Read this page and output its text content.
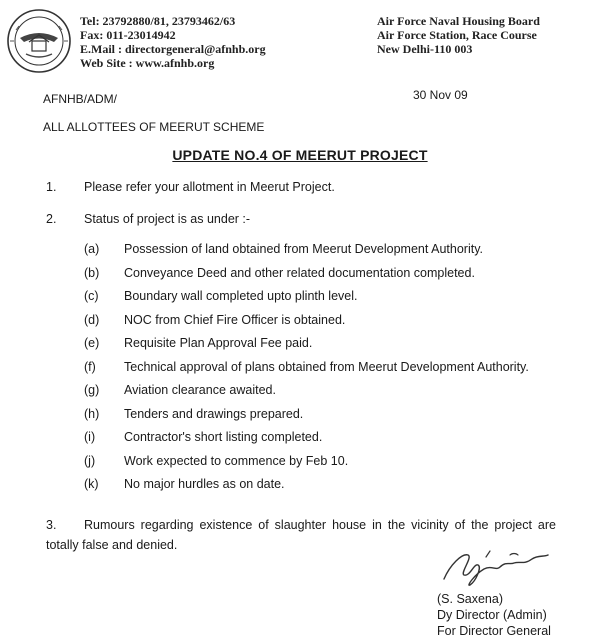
Tel: 23792880/81, 23793462/63
Fax: 011-23014942
E.Mail : directorgeneral@afnhb.org
Web Site : www.afnhb.org
Air Force Naval Housing Board
Air Force Station, Race Course
New Delhi-110 003
AFNHB/ADM/	30 Nov 09
ALL ALLOTTEES OF MEERUT SCHEME
UPDATE NO.4 OF MEERUT PROJECT
1. Please refer your allotment in Meerut Project.
2. Status of project is as under :-
(a) Possession of land obtained from Meerut Development Authority.
(b) Conveyance Deed and other related documentation completed.
(c) Boundary wall completed upto plinth level.
(d) NOC from Chief Fire Officer is obtained.
(e) Requisite Plan Approval Fee paid.
(f) Technical approval of plans obtained from Meerut Development Authority.
(g) Aviation clearance awaited.
(h) Tenders and drawings prepared.
(i) Contractor's short listing completed.
(j) Work expected to commence by Feb 10.
(k) No major hurdles as on date.
3. Rumours regarding existence of slaughter house in the vicinity of the project are totally false and denied.
(S. Saxena)
Dy Director (Admin)
For Director General
